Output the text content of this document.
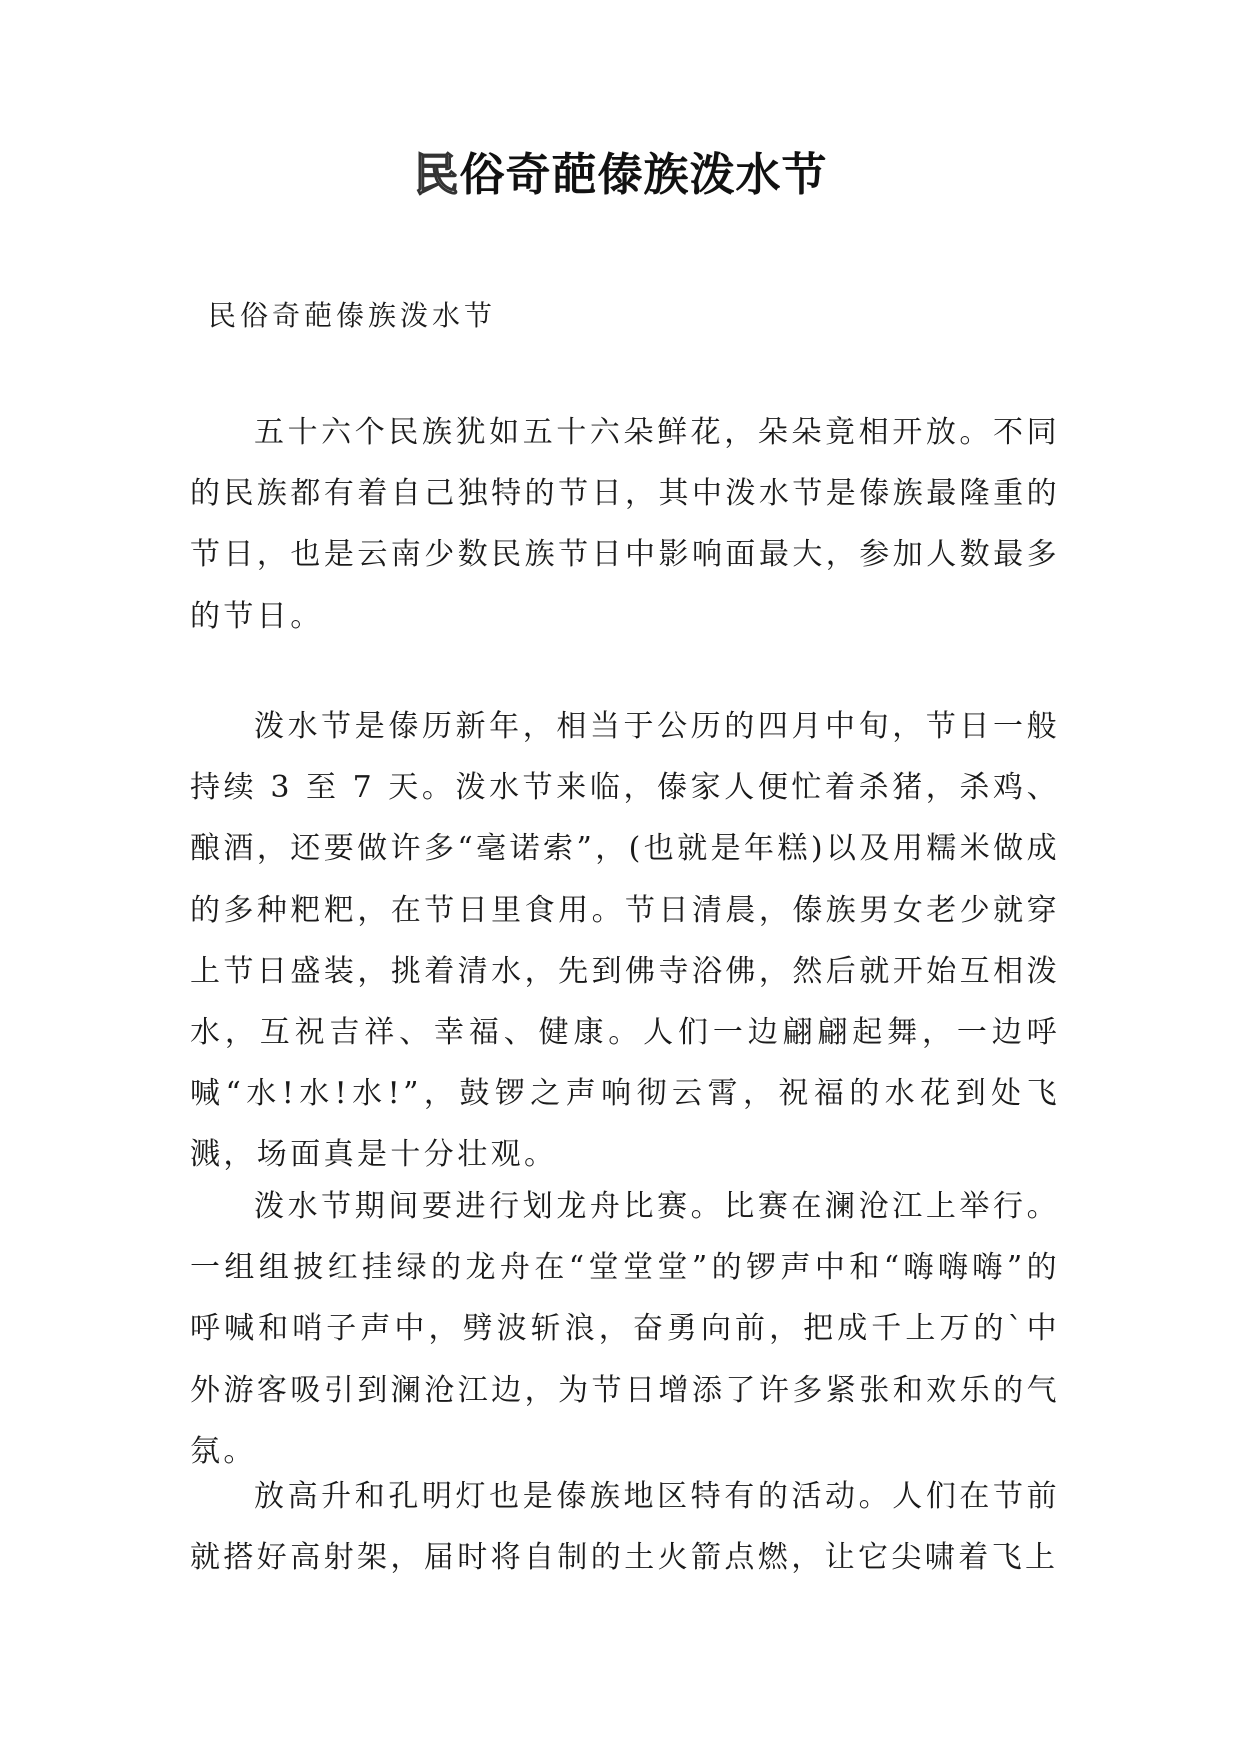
民俗奇葩傣族泼水节

民俗奇葩傣族泼水节

五十六个民族犹如五十六朵鲜花，朵朵竟相开放。不同的民族都有着自己独特的节日，其中泼水节是傣族最隆重的节日，也是云南少数民族节日中影响面最大，参加人数最多的节日。

泼水节是傣历新年，相当于公历的四月中旬，节日一般持续 3 至 7 天。泼水节来临，傣家人便忙着杀猪，杀鸡、酿酒，还要做许多“毫诺索”，(也就是年糕)以及用糯米做成的多种粑粑，在节日里食用。节日清晨，傣族男女老少就穿上节日盛装，挑着清水，先到佛寺浴佛，然后就开始互相泼水，互祝吉祥、幸福、健康。人们一边翩翩起舞，一边呼喊“水!水!水!”，鼓锣之声响彻云霄，祝福的水花到处飞溅，场面真是十分壮观。

泼水节期间要进行划龙舟比赛。比赛在澜沧江上举行。一组组披红挂绿的龙舟在“堂堂堂”的锣声中和“嗨嗨嗨”的呼喊和哨子声中，劈波斩浪，奋勇向前，把成千上万的`中外游客吸引到澜沧江边，为节日增添了许多紧张和欢乐的气氛。

放高升和孔明灯也是傣族地区特有的活动。人们在节前就搭好高射架，届时将自制的土火箭点燃，让它尖啸着飞上
